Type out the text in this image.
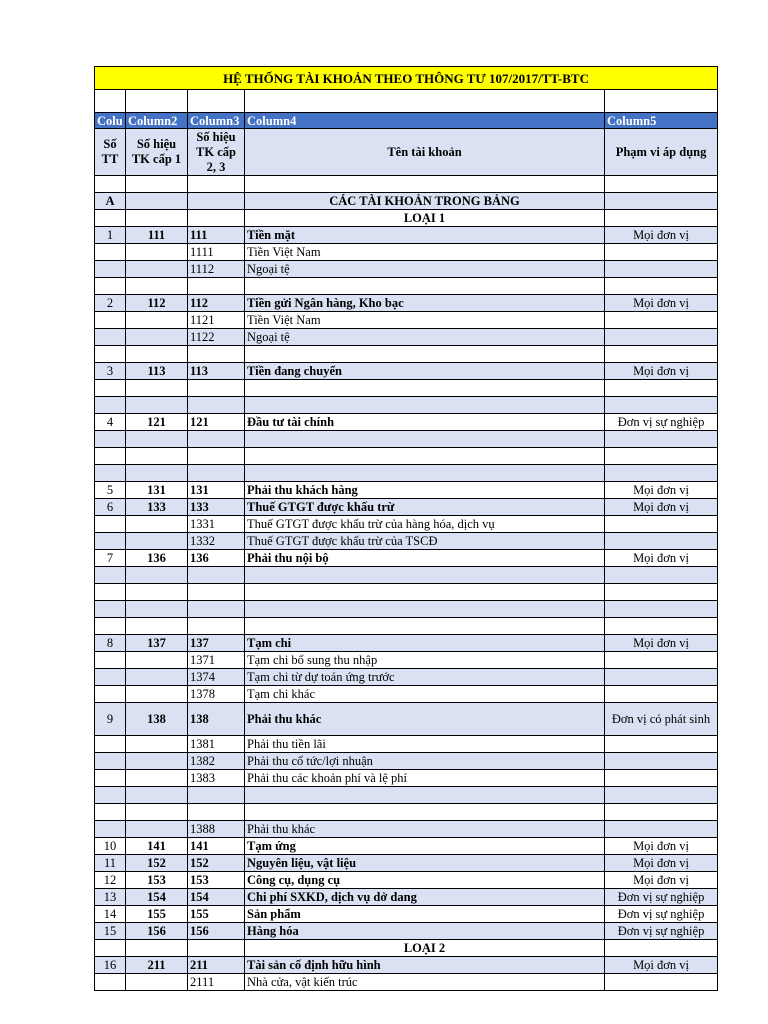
HỆ THỐNG TÀI KHOẢN THEO THÔNG TƯ 107/2017/TT-BTC				

Colu	Column2	Column3	Column4	Column5
Số TT	Số hiệu TK cấp 1	Số hiệu TK cấp 2, 3	Tên tài khoản	Phạm vi áp dụng

A			CÁC TÀI KHOẢN TRONG BẢNG	
			LOẠI 1	
1	111	111	Tiền mặt	Mọi đơn vị
		1111	Tiền Việt Nam	
		1112	Ngoại tệ	

2	112	112	Tiền gửi Ngân hàng, Kho bạc	Mọi đơn vị
		1121	Tiền Việt Nam	
		1122	Ngoại tệ	

3	113	113	Tiền đang chuyển	Mọi đơn vị

4	121	121	Đầu tư tài chính	Đơn vị sự nghiệp

5	131	131	Phải thu khách hàng	Mọi đơn vị
6	133	133	Thuế GTGT được khấu trừ	Mọi đơn vị
		1331	Thuế GTGT được khấu trừ của hàng hóa, dịch vụ	
		1332	Thuế GTGT được khấu trừ của TSCĐ	
7	136	136	Phải thu nội bộ	Mọi đơn vị

8	137	137	Tạm chi	Mọi đơn vị
		1371	Tạm chi bổ sung thu nhập	
		1374	Tạm chi từ dự toán ứng trước	
		1378	Tạm chi khác	
9	138	138	Phải thu khác	Đơn vị có phát sinh
		1381	Phải thu tiền lãi	
		1382	Phải thu cổ tức/lợi nhuận	
		1383	Phải thu các khoản phí và lệ phí	

		1388	Phải thu khác	
10	141	141	Tạm ứng	Mọi đơn vị
11	152	152	Nguyên liệu, vật liệu	Mọi đơn vị
12	153	153	Công cụ, dụng cụ	Mọi đơn vị
13	154	154	Chi phí SXKD, dịch vụ dở dang	Đơn vị sự nghiệp
14	155	155	Sản phẩm	Đơn vị sự nghiệp
15	156	156	Hàng hóa	Đơn vị sự nghiệp
			LOẠI 2	
16	211	211	Tài sản cố định hữu hình	Mọi đơn vị
		2111	Nhà cửa, vật kiến trúc	
